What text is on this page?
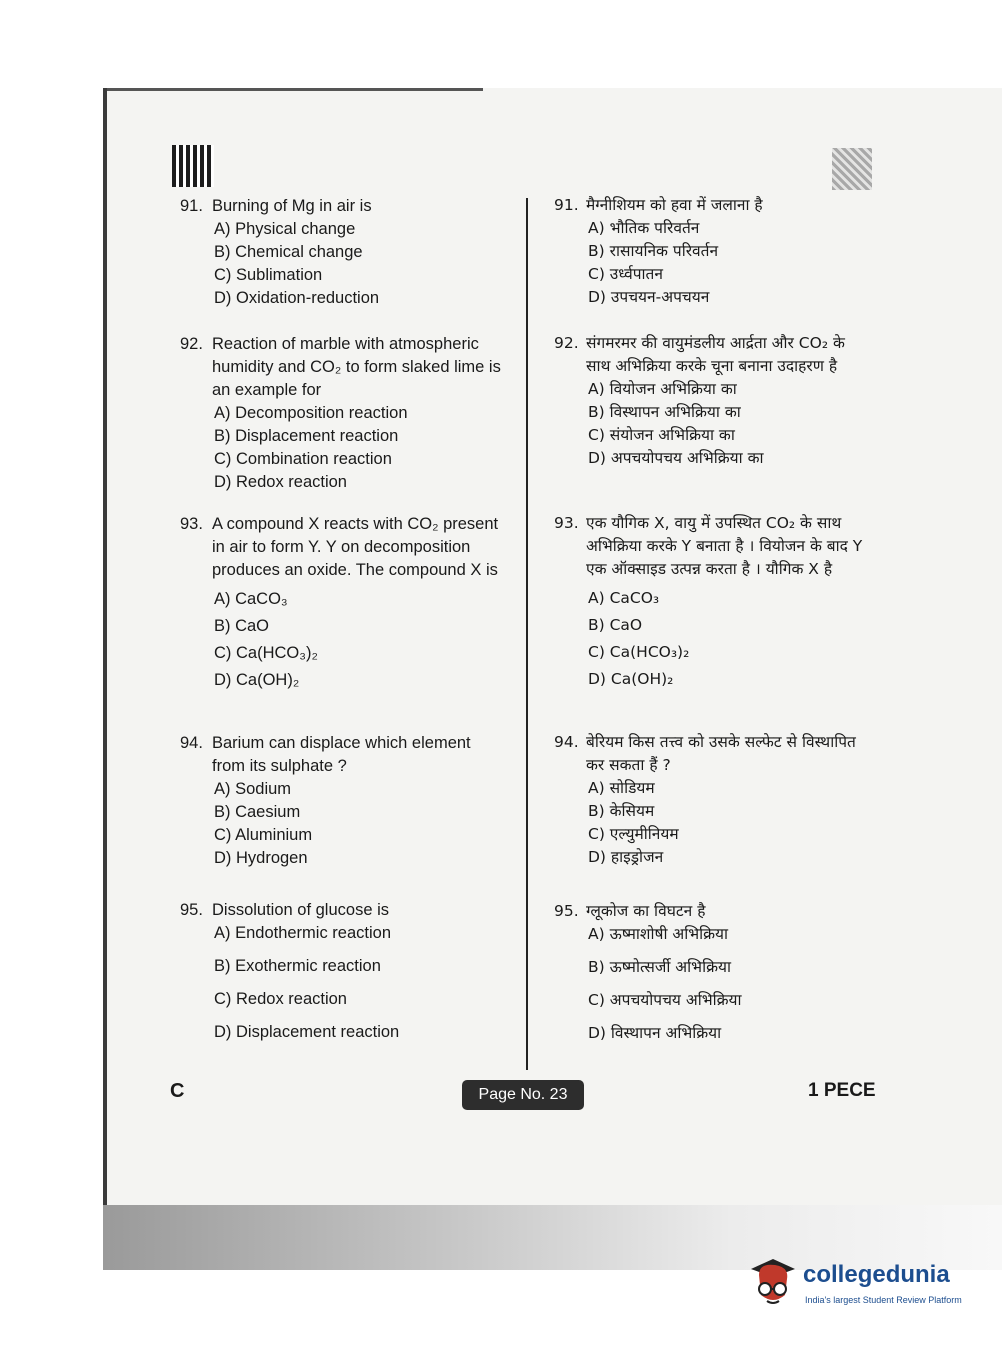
91. Burning of Mg in air is
A) Physical change
B) Chemical change
C) Sublimation
D) Oxidation-reduction
92. Reaction of marble with atmospheric humidity and CO₂ to form slaked lime is an example for
A) Decomposition reaction
B) Displacement reaction
C) Combination reaction
D) Redox reaction
93. A compound X reacts with CO₂ present in air to form Y. Y on decomposition produces an oxide. The compound X is
A) CaCO₃
B) CaO
C) Ca(HCO₃)₂
D) Ca(OH)₂
94. Barium can displace which element from its sulphate ?
A) Sodium
B) Caesium
C) Aluminium
D) Hydrogen
95. Dissolution of glucose is
A) Endothermic reaction
B) Exothermic reaction
C) Redox reaction
D) Displacement reaction
91. मैग्नीशियम को हवा में जलाना है
A) भौतिक परिवर्तन
B) रासायनिक परिवर्तन
C) उर्ध्वपातन
D) उपचयन-अपचयन
92. संगमरमर की वायुमंडलीय आर्द्रता और CO₂ के साथ अभिक्रिया करके चूना बनाना उदाहरण है
A) वियोजन अभिक्रिया का
B) विस्थापन अभिक्रिया का
C) संयोजन अभिक्रिया का
D) अपचयोपचय अभिक्रिया का
93. एक यौगिक X, वायु में उपस्थित CO₂ के साथ अभिक्रिया करके Y बनाता है । वियोजन के बाद Y एक ऑक्साइड उत्पन्न करता है । यौगिक X है
A) CaCO₃
B) CaO
C) Ca(HCO₃)₂
D) Ca(OH)₂
94. बेरियम किस तत्त्व को उसके सल्फेट से विस्थापित कर सकता हैं ?
A) सोडियम
B) केसियम
C) एल्युमीनियम
D) हाइड्रोजन
95. ग्लूकोज का विघटन है
A) ऊष्माशोषी अभिक्रिया
B) ऊष्मोत्सर्जी अभिक्रिया
C) अपचयोपचय अभिक्रिया
D) विस्थापन अभिक्रिया
C	Page No. 23	1 PECE
collegedunia
India's largest Student Review Platform
